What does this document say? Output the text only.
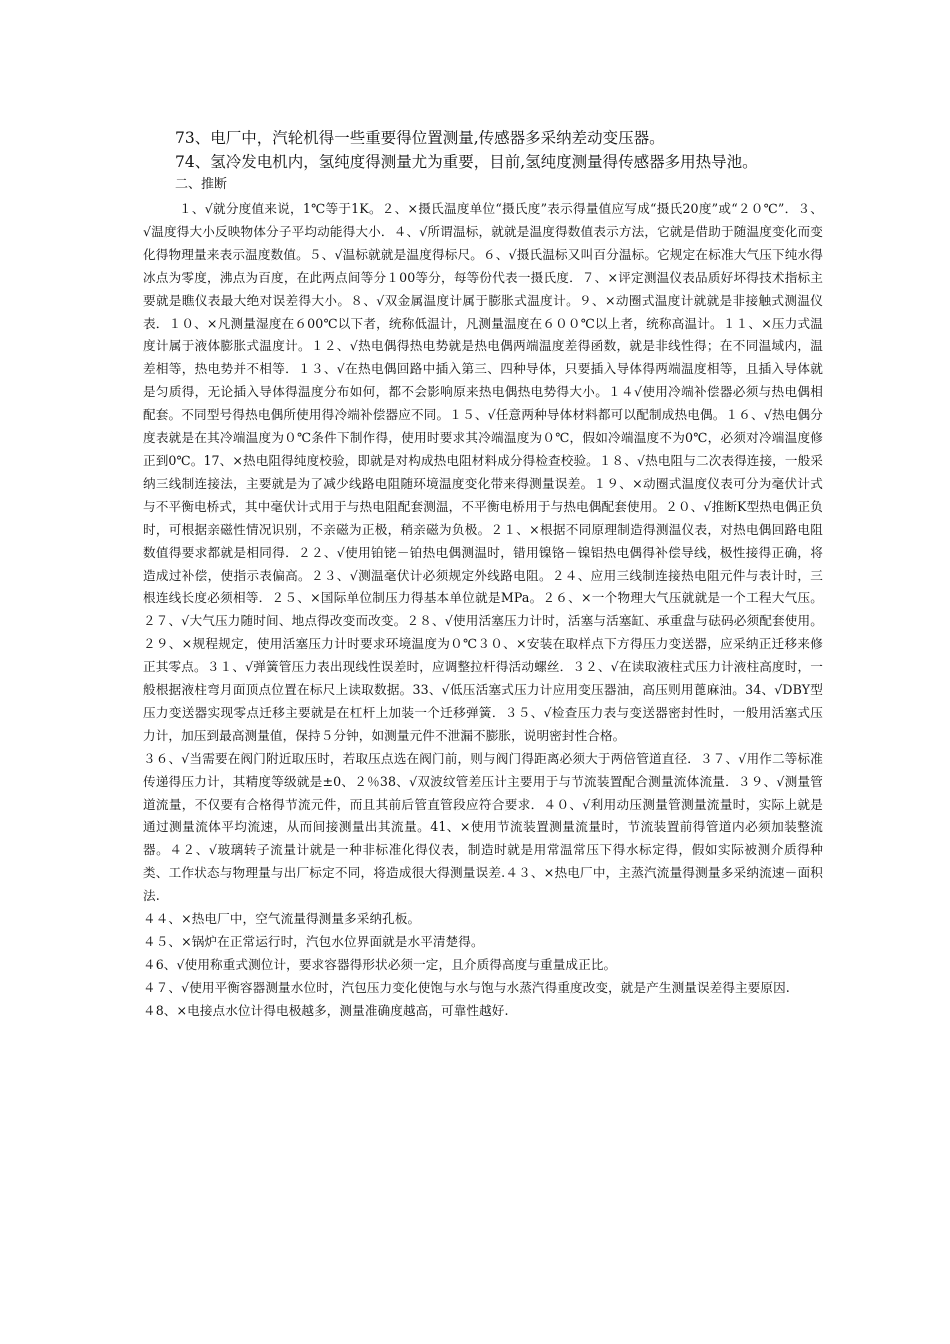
73、电厂中，汽轮机得一些重要得位置测量,传感器多采纳差动变压器。

74、氢冷发电机内，氢纯度得测量尤为重要，目前,氢纯度测量得传感器多用热导池。

二、推断

１、√就分度值来说，1℃等于1K。２、×摄氏温度单位“摄氏度”表示得量值应写成“摄氏20度”或“２０℃”．３、√温度得大小反映物体分子平均动能得大小．４、√所谓温标，就就是温度得数值表示方法，它就是借助于随温度变化而变化得物理量来表示温度数值。５、√温标就就是温度得标尺。６、√摄氏温标又叫百分温标。它规定在标准大气压下纯水得冰点为零度，沸点为百度，在此两点间等分１00等分，每等份代表一摄氏度．７、×评定测温仪表品质好坏得技术指标主要就是瞧仪表最大绝对误差得大小。８、√双金属温度计属于膨胀式温度计。９、×动圈式温度计就就是非接触式测温仪表．１０、×凡测量湿度在６00℃以下者，统称低温计，凡测量温度在６００℃以上者，统称高温计。１１、×压力式温度计属于液体膨胀式温度计。１２、√热电偶得热电势就是热电偶两端温度差得函数，就是非线性得；在不同温域内，温差相等，热电势并不相等．１３、√在热电偶回路中插入第三、四种导体，只要插入导体得两端温度相等，且插入导体就是匀质得，无论插入导体得温度分布如何，都不会影响原来热电偶热电势得大小。１４√使用冷端补偿器必须与热电偶相配套。不同型号得热电偶所使用得冷端补偿器应不同。１５、√任意两种导体材料都可以配制成热电偶。１６、√热电偶分度表就是在其冷端温度为０℃条件下制作得，使用时要求其冷端温度为０℃，假如冷端温度不为0℃，必须对冷端温度修正到0℃。17、×热电阻得纯度校验，即就是对构成热电阻材料成分得检查校验。１８、√热电阻与二次表得连接，一般采纳三线制连接法，主要就是为了减少线路电阻随环境温度变化带来得测量误差。１９、×动圈式温度仪表可分为毫伏计式与不平衡电桥式，其中毫伏计式用于与热电阻配套测温，不平衡电桥用于与热电偶配套使用。２０、√推断K型热电偶正负时，可根据亲磁性情况识别，不亲磁为正极，稍亲磁为负极。２１、×根据不同原理制造得测温仪表，对热电偶回路电阻数值得要求都就是相同得．２２、√使用铂铑－铂热电偶测温时，错用镍铬－镍铝热电偶得补偿导线，极性接得正确，将造成过补偿，使指示表偏高。２３、√测温毫伏计必须规定外线路电阻。２４、应用三线制连接热电阻元件与表计时，三根连线长度必须相等．２５、×国际单位制压力得基本单位就是MPa。２６、×一个物理大气压就就是一个工程大气压。２７、√大气压力随时间、地点得改变而改变。２８、√使用活塞压力计时，活塞与活塞缸、承重盘与砝码必须配套使用。２９、×规程规定，使用活塞压力计时要求环境温度为０℃３０、×安装在取样点下方得压力变送器，应采纳正迁移来修正其零点。３１、√弹簧管压力表出现线性误差时，应调整拉杆得活动螺丝．３２、√在读取液柱式压力计液柱高度时，一般根据液柱弯月面顶点位置在标尺上读取数据。33、√低压活塞式压力计应用变压器油，高压则用蓖麻油。34、√DBY型压力变送器实现零点迁移主要就是在杠杆上加装一个迁移弹簧．３５、√检查压力表与变送器密封性时，一般用活塞式压力计，加压到最高测量值，保持５分钟，如测量元件不泄漏不膨胀，说明密封性合格。

３６、√当需要在阀门附近取压时，若取压点选在阀门前，则与阀门得距离必须大于两倍管道直径．３７、√用作二等标准传递得压力计，其精度等级就是±0、２％38、√双波纹管差压计主要用于与节流装置配合测量流体流量．３９、√测量管道流量，不仅要有合格得节流元件，而且其前后管直管段应符合要求．４０、√利用动压测量管测量流量时，实际上就是通过测量流体平均流速，从而间接测量出其流量。41、×使用节流装置测量流量时，节流装置前得管道内必须加装整流器。４２、√玻璃转子流量计就是一种非标准化得仪表，制造时就是用常温常压下得水标定得，假如实际被测介质得种类、工作状态与物理量与出厂标定不同，将造成很大得测量误差.４３、×热电厂中，主蒸汽流量得测量多采纳流速－面积法.

４４、×热电厂中，空气流量得测量多采纳孔板。

４５、×锅炉在正常运行时，汽包水位界面就是水平清楚得。

４6、√使用称重式测位计，要求容器得形状必须一定，且介质得高度与重量成正比。

４７、√使用平衡容器测量水位时，汽包压力变化使饱与水与饱与水蒸汽得重度改变，就是产生测量误差得主要原因.

４8、×电接点水位计得电极越多，测量准确度越高，可靠性越好.
